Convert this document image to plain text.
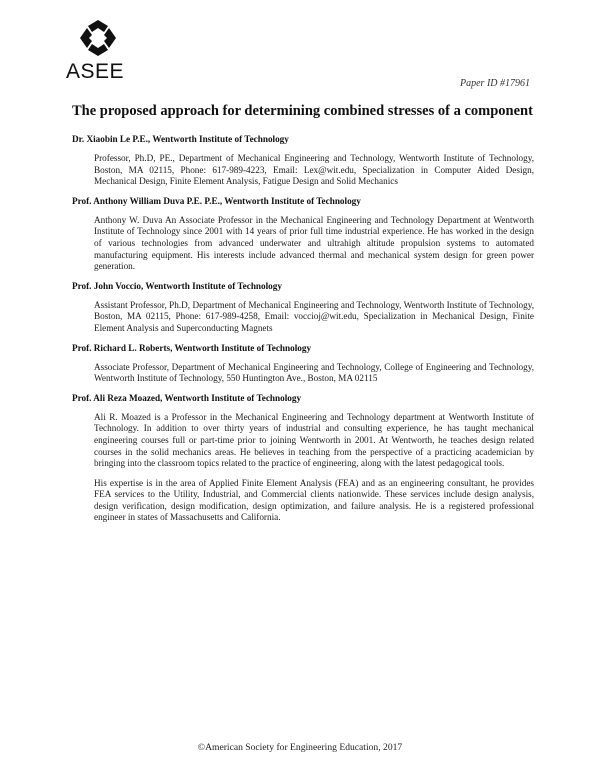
ASEE
Paper ID #17961
The proposed approach for determining combined stresses of a component

Dr. Xiaobin Le P.E., Wentworth Institute of Technology

Professor, Ph.D, PE., Department of Mechanical Engineering and Technology, Wentworth Institute of Technology, Boston, MA 02115, Phone: 617-989-4223, Email: Lex@wit.edu, Specialization in Computer Aided Design, Mechanical Design, Finite Element Analysis, Fatigue Design and Solid Mechanics

Prof. Anthony William Duva P.E. P.E., Wentworth Institute of Technology

Anthony W. Duva An Associate Professor in the Mechanical Engineering and Technology Department at Wentworth Institute of Technology since 2001 with 14 years of prior full time industrial experience. He has worked in the design of various technologies from advanced underwater and ultrahigh altitude propulsion systems to automated manufacturing equipment. His interests include advanced thermal and mechanical system design for green power generation.

Prof. John Voccio, Wentworth Institute of Technology

Assistant Professor, Ph.D, Department of Mechanical Engineering and Technology, Wentworth Institute of Technology, Boston, MA 02115, Phone: 617-989-4258, Email: voccioj@wit.edu, Specialization in Mechanical Design, Finite Element Analysis and Superconducting Magnets

Prof. Richard L. Roberts, Wentworth Institute of Technology

Associate Professor, Department of Mechanical Engineering and Technology, College of Engineering and Technology, Wentworth Institute of Technology, 550 Huntington Ave., Boston, MA 02115

Prof. Ali Reza Moazed, Wentworth Institute of Technology

Ali R. Moazed is a Professor in the Mechanical Engineering and Technology department at Wentworth Institute of Technology. In addition to over thirty years of industrial and consulting experience, he has taught mechanical engineering courses full or part-time prior to joining Wentworth in 2001. At Wentworth, he teaches design related courses in the solid mechanics areas. He believes in teaching from the perspective of a practicing academician by bringing into the classroom topics related to the practice of engineering, along with the latest pedagogical tools.

His expertise is in the area of Applied Finite Element Analysis (FEA) and as an engineering consultant, he provides FEA services to the Utility, Industrial, and Commercial clients nationwide. These services include design analysis, design verification, design modification, design optimization, and failure analysis. He is a registered professional engineer in states of Massachusetts and California.

©American Society for Engineering Education, 2017
